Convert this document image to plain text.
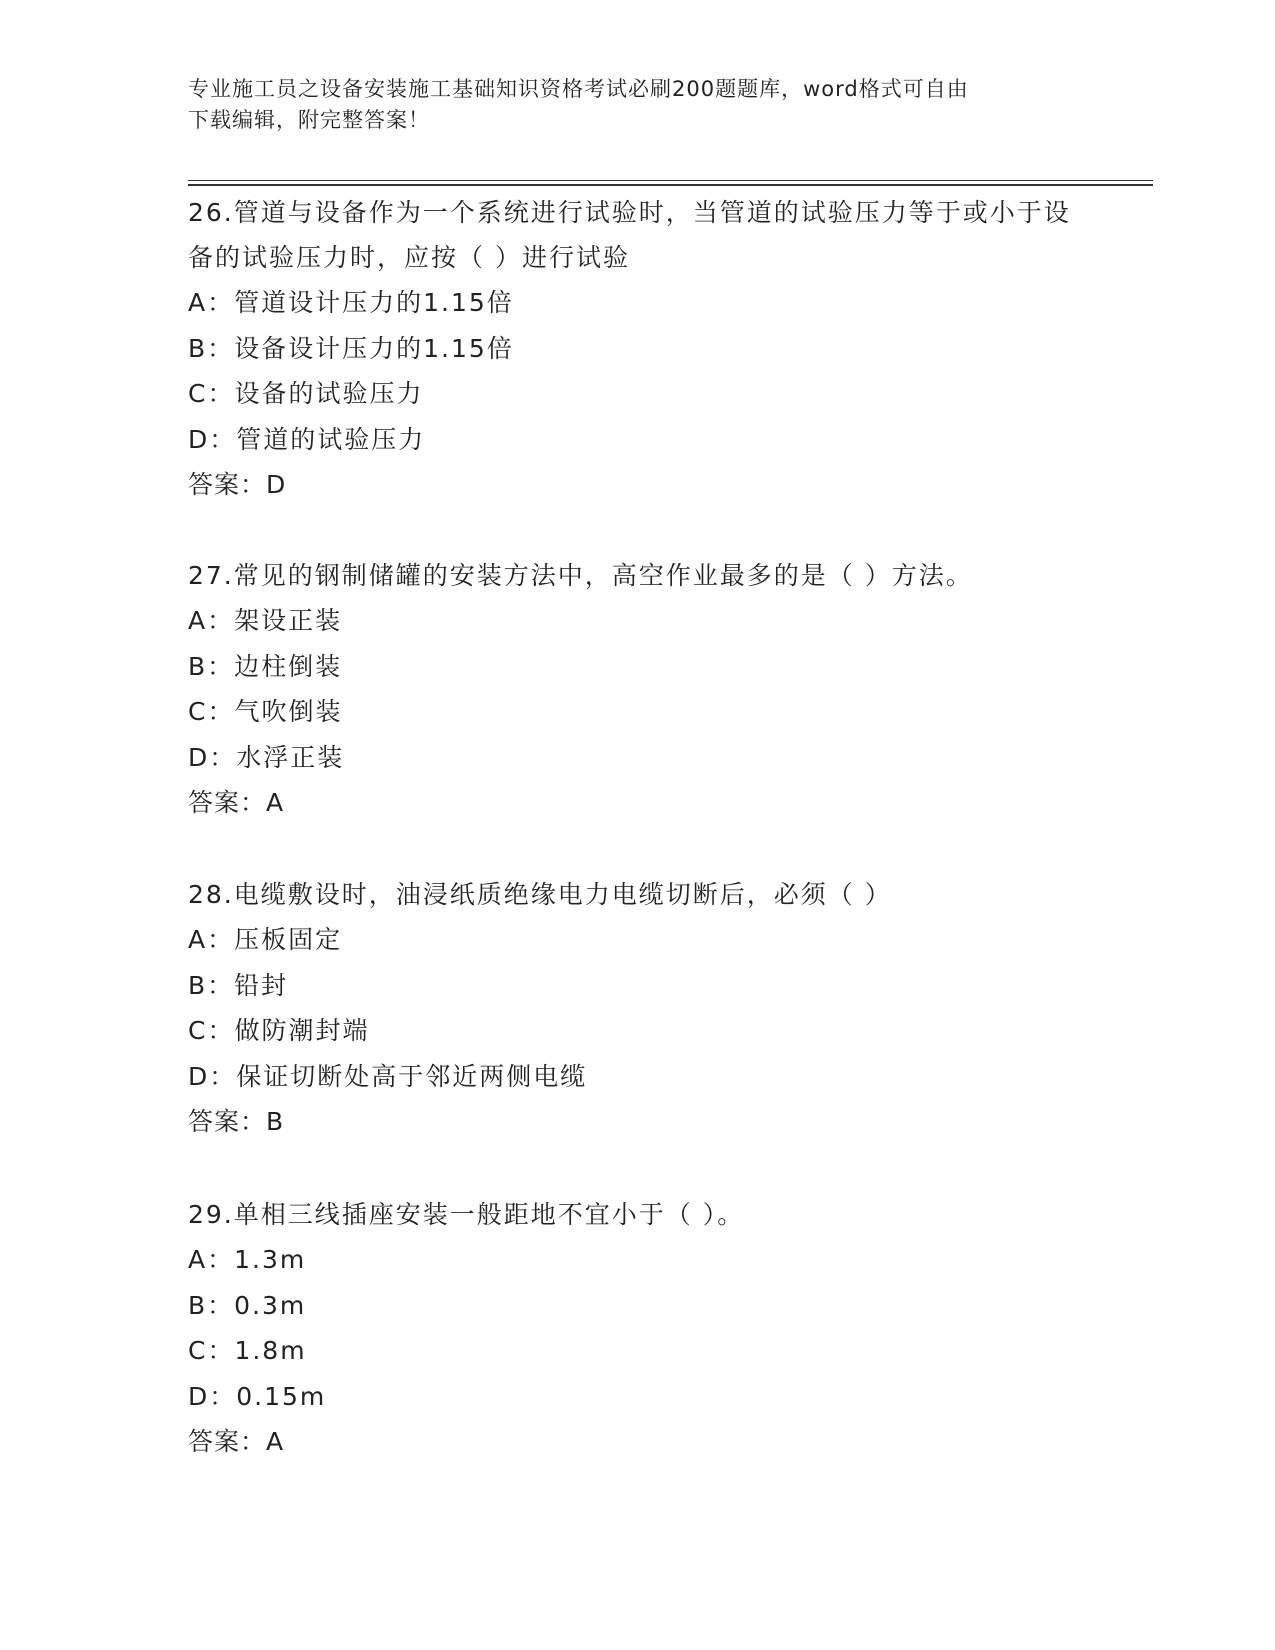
专业施工员之设备安装施工基础知识资格考试必刷200题题库，word格式可自由
下载编辑，附完整答案！

26.管道与设备作为一个系统进行试验时，当管道的试验压力等于或小于设备的试验压力时，应按（ ）进行试验

A：管道设计压力的1.15倍
B：设备设计压力的1.15倍
C：设备的试验压力
D：管道的试验压力
答案：D

27.常见的钢制储罐的安装方法中，高空作业最多的是（ ）方法。

A：架设正装
B：边柱倒装
C：气吹倒装
D：水浮正装
答案：A

28.电缆敷设时，油浸纸质绝缘电力电缆切断后，必须（ ）

A：压板固定
B：铅封
C：做防潮封端
D：保证切断处高于邻近两侧电缆
答案：B

29.单相三线插座安装一般距地不宜小于（ ）。

A：1.3m
B：0.3m
C：1.8m
D：0.15m
答案：A
